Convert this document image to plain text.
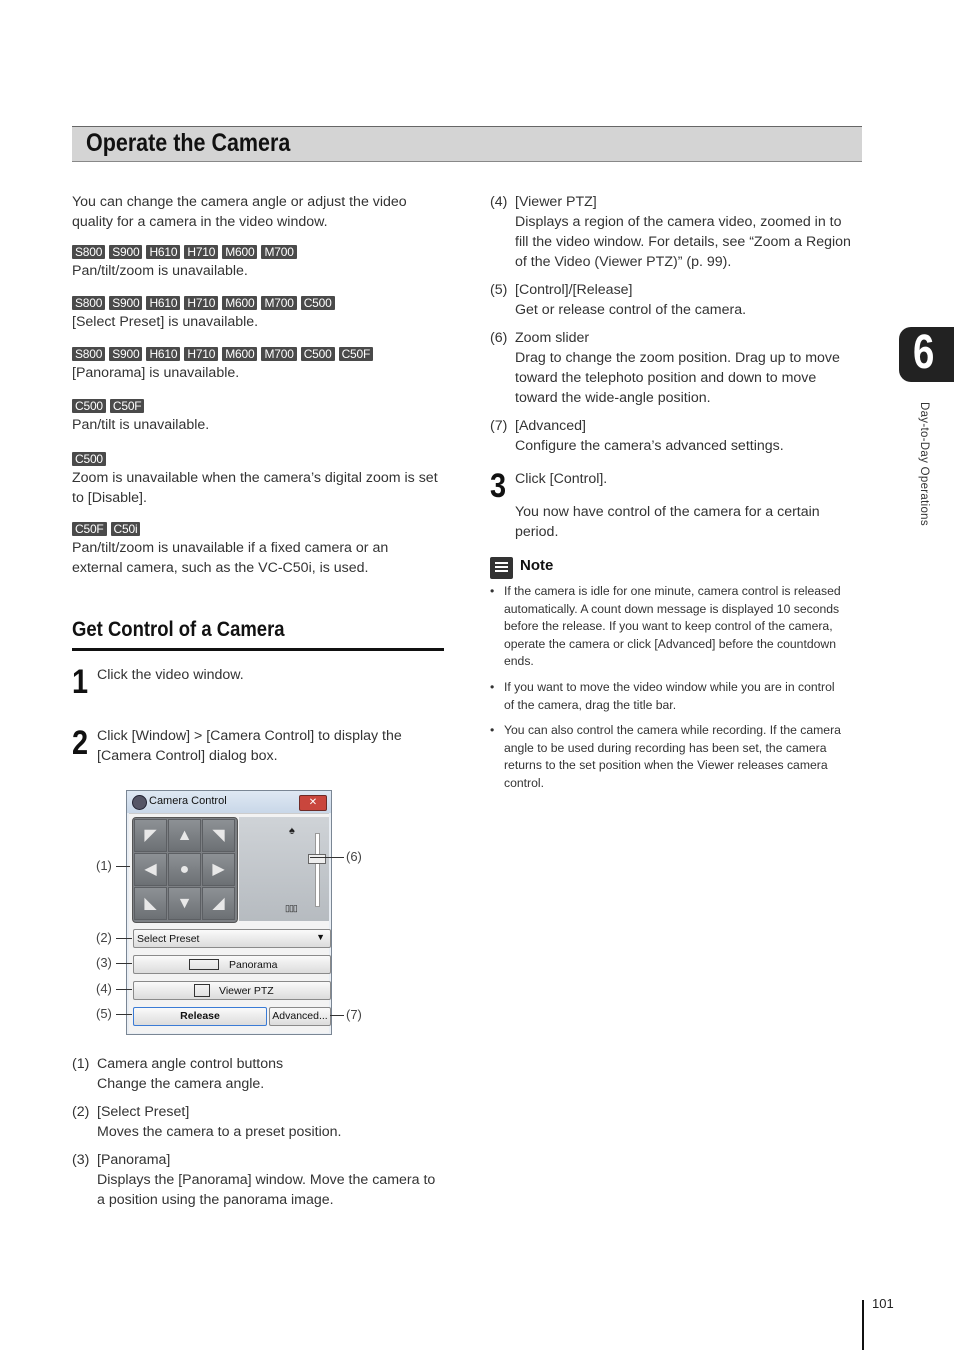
Operate the Camera
You can change the camera angle or adjust the video
quality for a camera in the video window.
S800 S900 H610 H710 M600 M700
Pan/tilt/zoom is unavailable.
S800 S900 H610 H710 M600 M700 C500
[Select Preset] is unavailable.
S800 S900 H610 H710 M600 M700 C500 C50F
[Panorama] is unavailable.
C500 C50F
Pan/tilt is unavailable.
C500
Zoom is unavailable when the camera’s digital zoom is set
to [Disable].
C50F C50i
Pan/tilt/zoom is unavailable if a fixed camera or an
external camera, such as the VC-C50i, is used.
Get Control of a Camera
1 Click the video window.
2 Click [Window] > [Camera Control] to display the
[Camera Control] dialog box.
Camera Control	✕
◤	▲	◥
◀	●	▶
◣	▼	◢
♠
▯▯▯
Select Preset	▼
Panorama
Viewer PTZ
Release	Advanced...
(1)
(2)
(3)
(4)
(5)
(6)
(7)
(1) Camera angle control buttons
Change the camera angle.
(2) [Select Preset]
Moves the camera to a preset position.
(3) [Panorama]
Displays the [Panorama] window. Move the camera to
a position using the panorama image.
(4) [Viewer PTZ]
Displays a region of the camera video, zoomed in to
fill the video window. For details, see “Zoom a Region
of the Video (Viewer PTZ)” (p. 99).
(5) [Control]/[Release]
Get or release control of the camera.
(6) Zoom slider
Drag to change the zoom position. Drag up to move
toward the telephoto position and down to move
toward the wide-angle position.
(7) [Advanced]
Configure the camera’s advanced settings.
3 Click [Control].
You now have control of the camera for a certain
period.
Note
• If the camera is idle for one minute, camera control is released
automatically. A count down message is displayed 10 seconds
before the release. If you want to keep control of the camera,
operate the camera or click [Advanced] before the countdown
ends.
• If you want to move the video window while you are in control
of the camera, drag the title bar.
• You can also control the camera while recording. If the camera
angle to be used during recording has been set, the camera
returns to the set position when the Viewer releases camera
control.
6
Day-to-Day Operations
101
